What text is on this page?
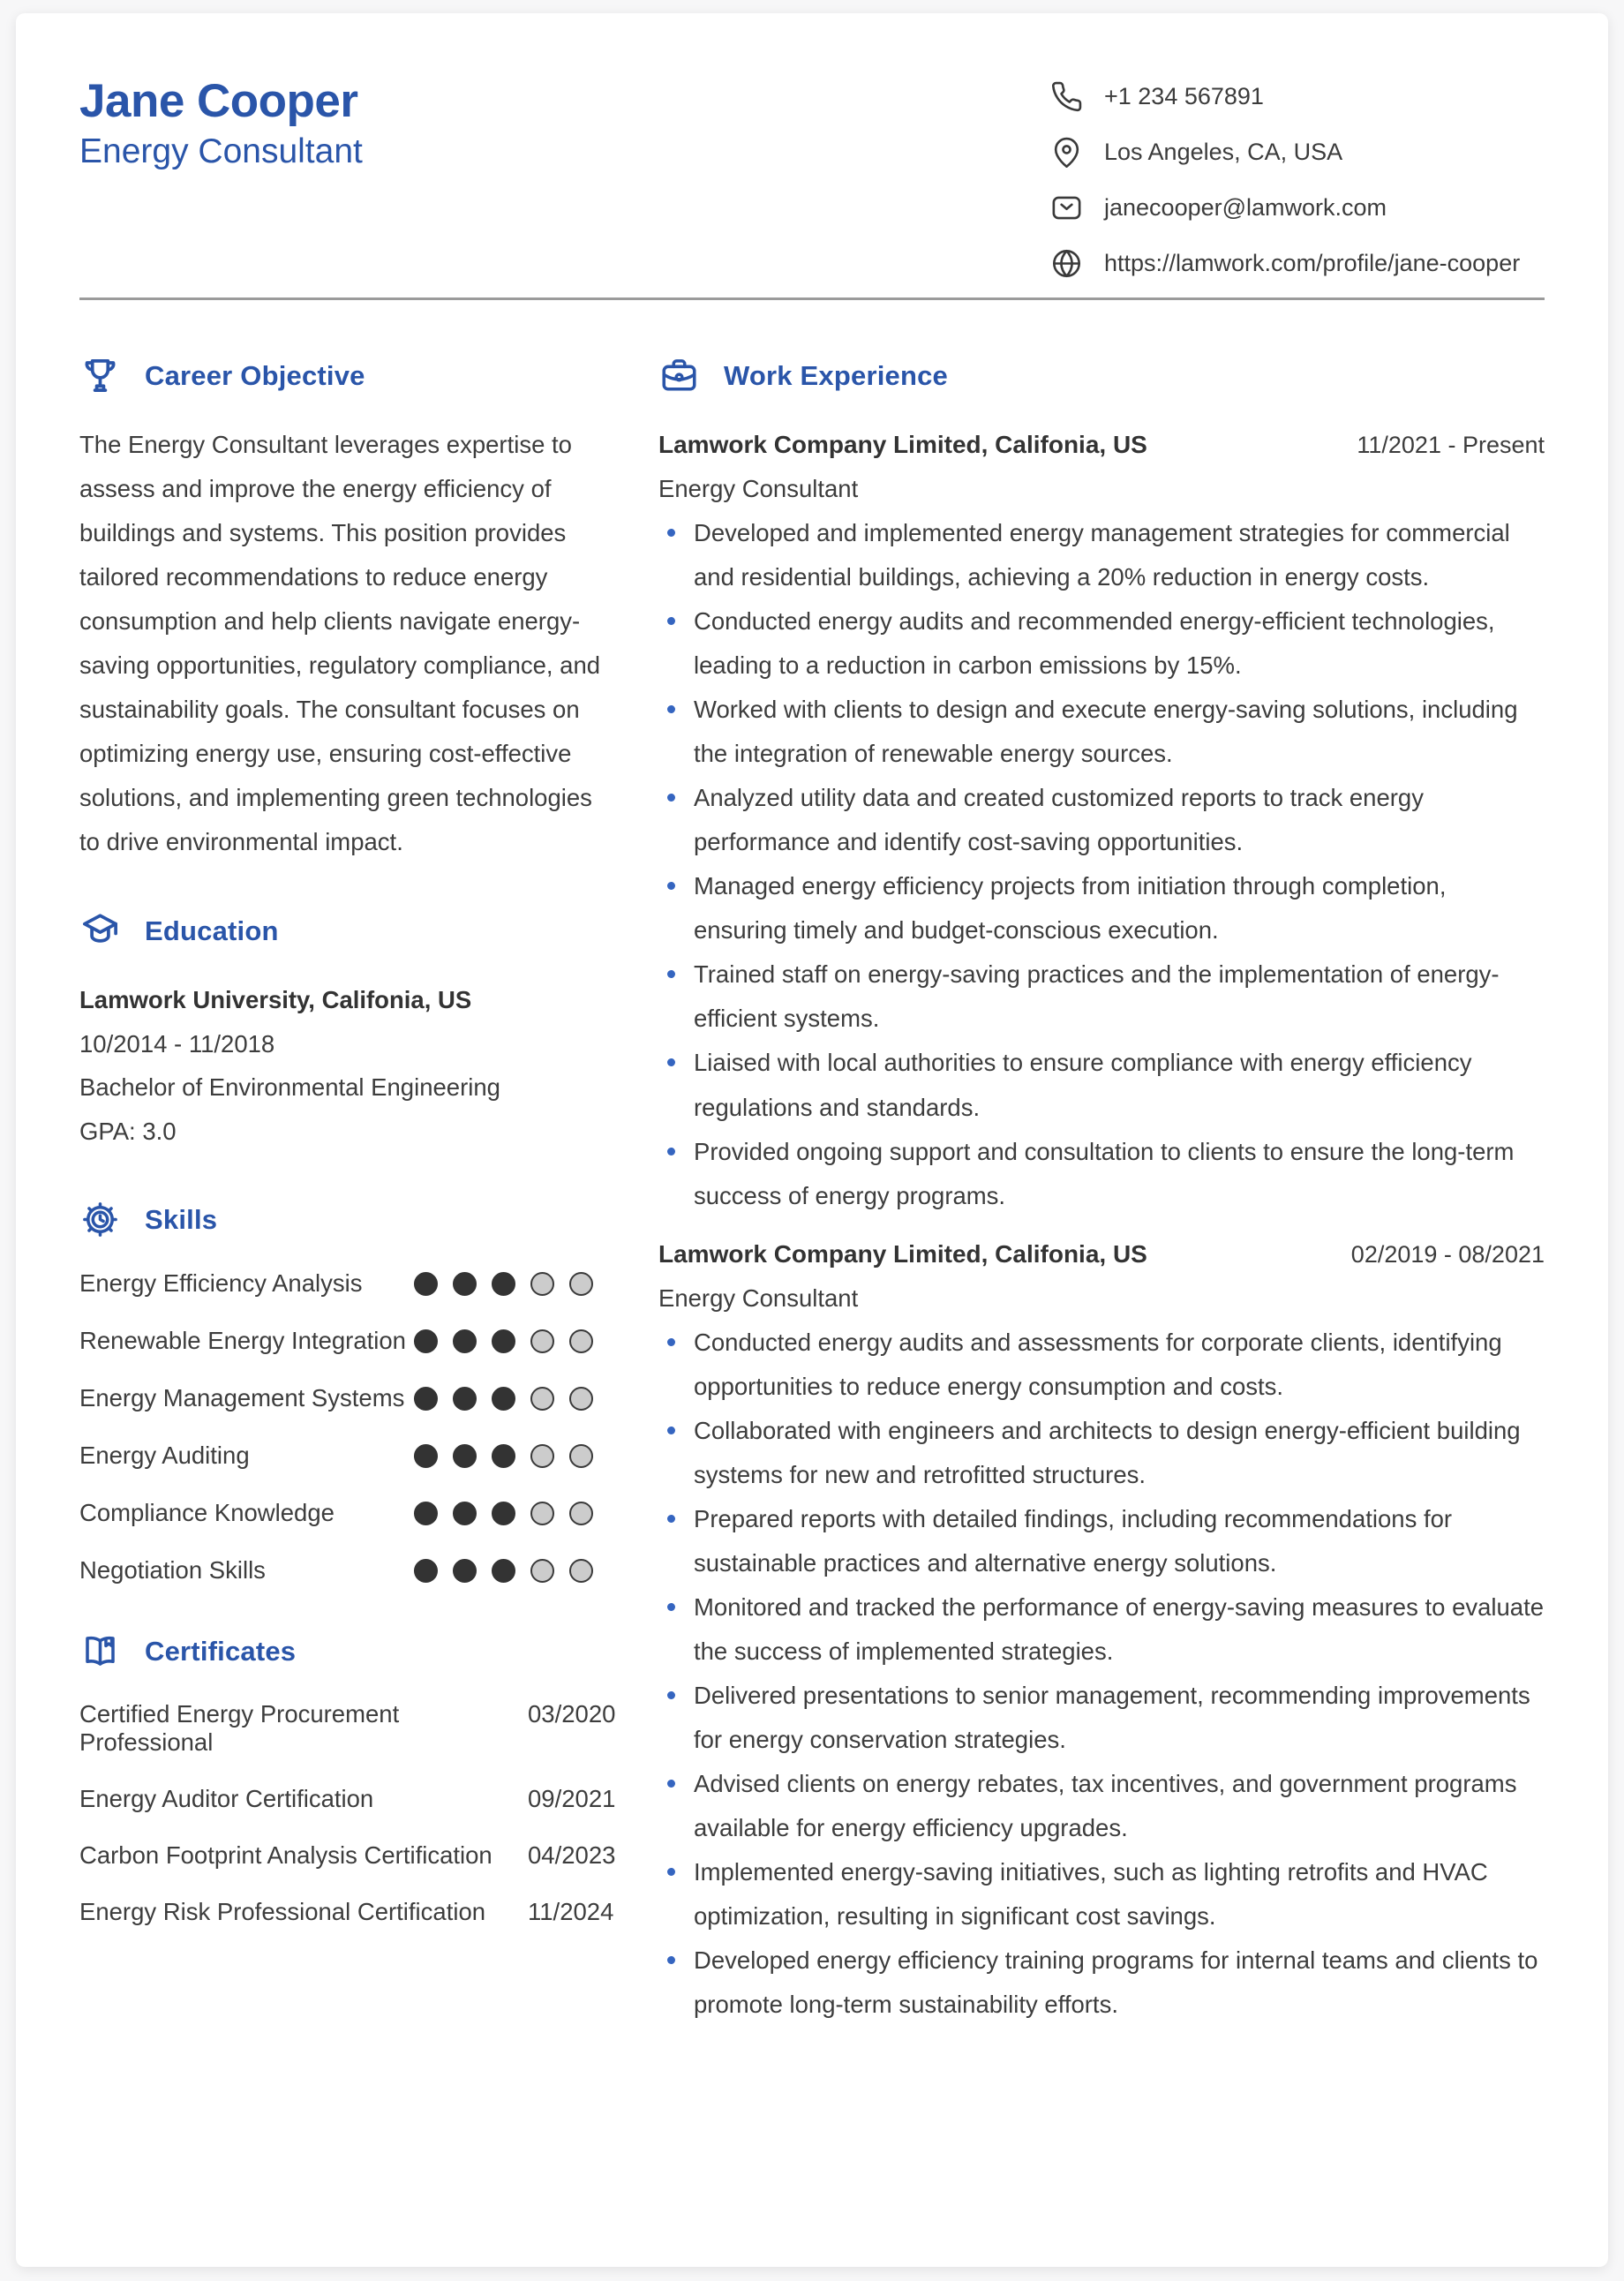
Jane Cooper
Energy Consultant
+1 234 567891
Los Angeles, CA, USA
janecooper@lamwork.com
https://lamwork.com/profile/jane-cooper
Career Objective
The Energy Consultant leverages expertise to assess and improve the energy efficiency of buildings and systems. This position provides tailored recommendations to reduce energy consumption and help clients navigate energy-saving opportunities, regulatory compliance, and sustainability goals. The consultant focuses on optimizing energy use, ensuring cost-effective solutions, and implementing green technologies to drive environmental impact.
Education
Lamwork University, Califonia, US
10/2014 - 11/2018
Bachelor of Environmental Engineering
GPA: 3.0
Skills
Energy Efficiency Analysis
Renewable Energy Integration
Energy Management Systems
Energy Auditing
Compliance Knowledge
Negotiation Skills
Certificates
Certified Energy Procurement Professional
03/2020
Energy Auditor Certification	09/2021
Carbon Footprint Analysis Certification 04/2023
Energy Risk Professional Certification 11/2024
Work Experience
Lamwork Company Limited, Califonia, US	11/2021 - Present
Energy Consultant
Developed and implemented energy management strategies for commercial and residential buildings, achieving a 20% reduction in energy costs.
Conducted energy audits and recommended energy-efficient technologies, leading to a reduction in carbon emissions by 15%.
Worked with clients to design and execute energy-saving solutions, including the integration of renewable energy sources.
Analyzed utility data and created customized reports to track energy performance and identify cost-saving opportunities.
Managed energy efficiency projects from initiation through completion, ensuring timely and budget-conscious execution.
Trained staff on energy-saving practices and the implementation of energy-efficient systems.
Liaised with local authorities to ensure compliance with energy efficiency regulations and standards.
Provided ongoing support and consultation to clients to ensure the long-term success of energy programs.
Lamwork Company Limited, Califonia, US	02/2019 - 08/2021
Energy Consultant
Conducted energy audits and assessments for corporate clients, identifying opportunities to reduce energy consumption and costs.
Collaborated with engineers and architects to design energy-efficient building systems for new and retrofitted structures.
Prepared reports with detailed findings, including recommendations for sustainable practices and alternative energy solutions.
Monitored and tracked the performance of energy-saving measures to evaluate the success of implemented strategies.
Delivered presentations to senior management, recommending improvements for energy conservation strategies.
Advised clients on energy rebates, tax incentives, and government programs available for energy efficiency upgrades.
Implemented energy-saving initiatives, such as lighting retrofits and HVAC optimization, resulting in significant cost savings.
Developed energy efficiency training programs for internal teams and clients to promote long-term sustainability efforts.
